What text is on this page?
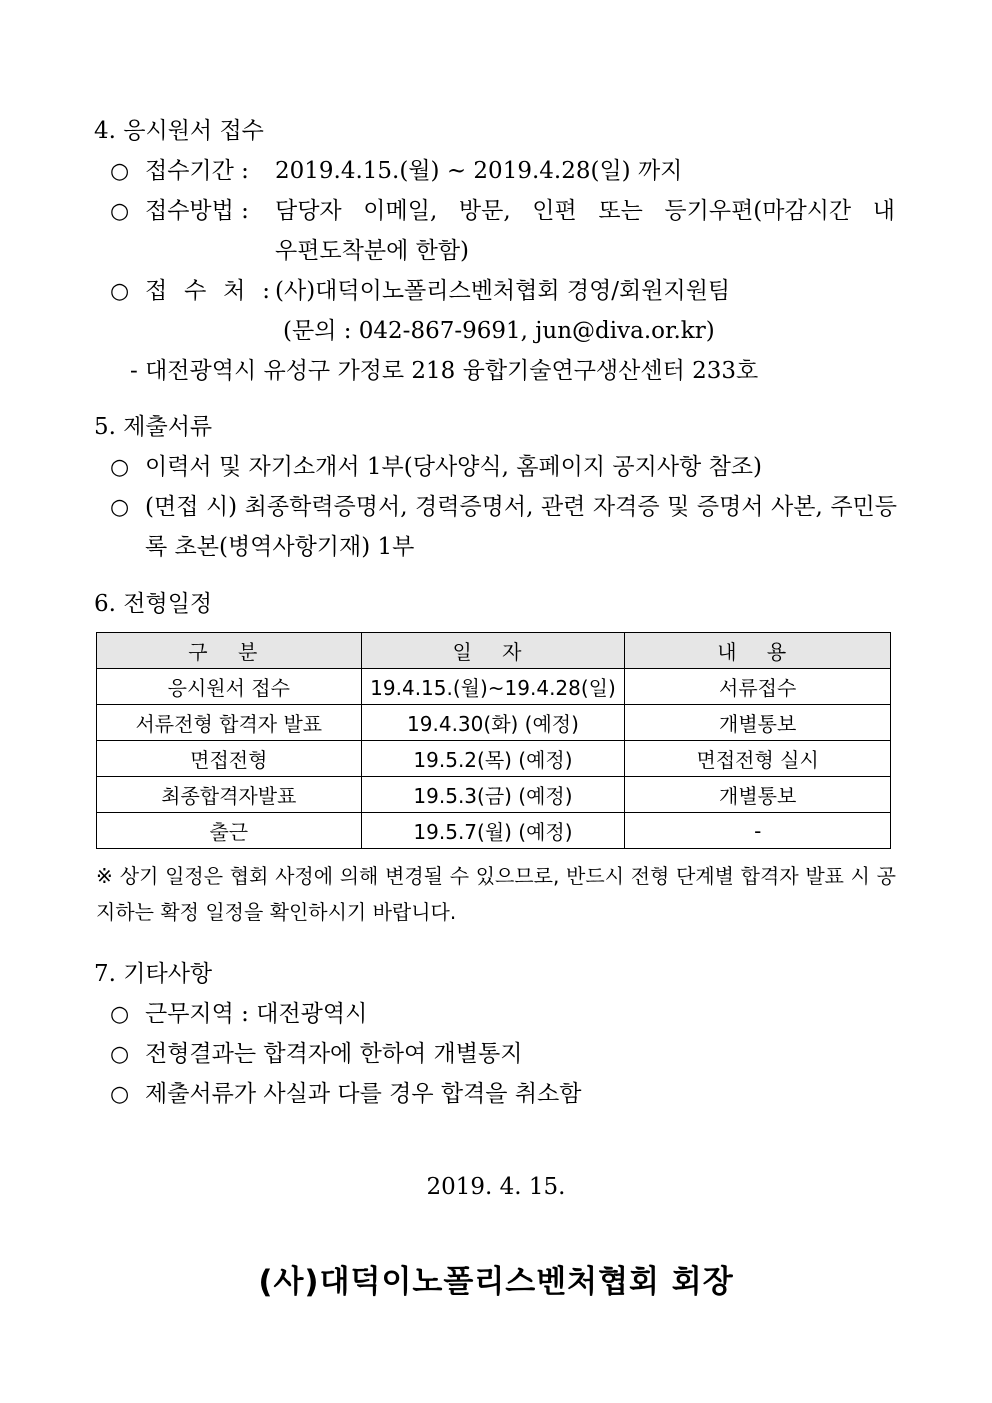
4. 응시원서 접수
○ 접수기간 : 2019.4.15.(월) ~ 2019.4.28(일) 까지
○ 접수방법 : 담당자 이메일, 방문, 인편 또는 등기우편(마감시간 내
우편도착분에 한함)
○ 접 수 처 : (사)대덕이노폴리스벤처협회 경영/회원지원팀
(문의 : 042-867-9691, jun@diva.or.kr)
- 대전광역시 유성구 가정로 218 융합기술연구생산센터 233호
5. 제출서류
○ 이력서 및 자기소개서 1부(당사양식, 홈페이지 공지사항 참조)
○ (면접 시) 최종학력증명서, 경력증명서, 관련 자격증 및 증명서 사본, 주민등록 초본(병역사항기재) 1부
6. 전형일정
구 분	일 자	내 용
응시원서 접수	19.4.15.(월)~19.4.28(일)	서류접수
서류전형 합격자 발표	19.4.30(화) (예정)	개별통보
면접전형	19.5.2(목) (예정)	면접전형 실시
최종합격자발표	19.5.3(금) (예정)	개별통보
출근	19.5.7(월) (예정)	-
※ 상기 일정은 협회 사정에 의해 변경될 수 있으므로, 반드시 전형 단계별 합격자 발표 시 공지하는 확정 일정을 확인하시기 바랍니다.
7. 기타사항
○ 근무지역 : 대전광역시
○ 전형결과는 합격자에 한하여 개별통지
○ 제출서류가 사실과 다를 경우 합격을 취소함
2019. 4. 15.
(사)대덕이노폴리스벤처협회 회장
